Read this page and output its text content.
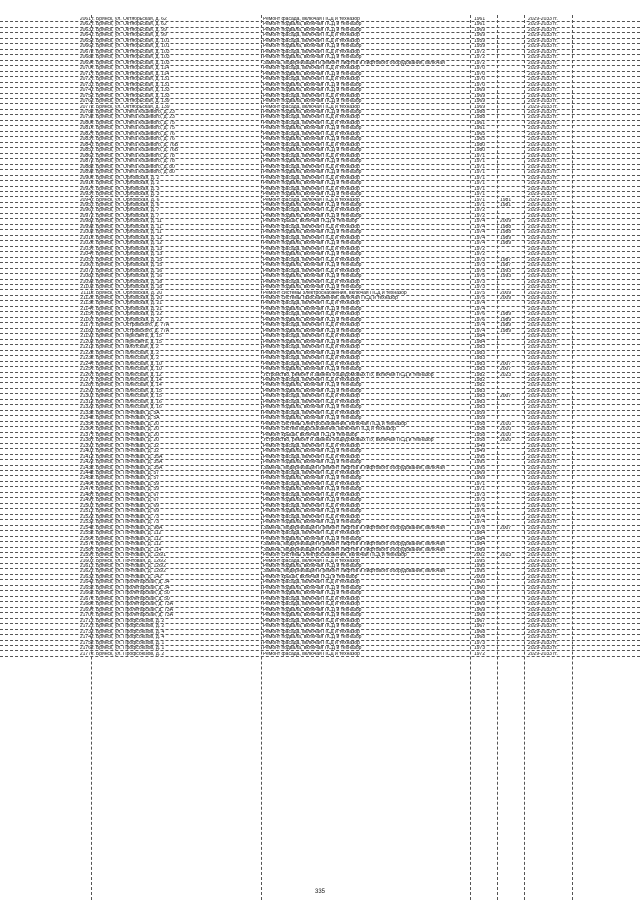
2061 г. Брянск, ул. Октябрьская, д. 62	Ремонт фасада, включая ПСД и техназор	1961	2029-2033 гг.
2062 г. Брянск, ул. Октябрьская, д. 62	Ремонт подвала, включая ПСД и техназор	1961	2029-2033 гг.
2063 г. Брянск, ул. Октябрьская, д. 99	Ремонт подвала, включая ПСД и техназор	1969	2029-2033 гг.
2064 г. Брянск, ул. Октябрьская, д. 99	Ремонт фасада, включая ПСД и техназор	1969	2029-2033 гг.
2065 г. Брянск, ул. Октябрьская, д. 101	Ремонт фасада, включая ПСД и техназор	1959	2029-2033 гг.
2066 г. Брянск, ул. Октябрьская, д. 101	Ремонт подвала, включая ПСД и техназор	1959	2029-2033 гг.
2067 г. Брянск, ул. Октябрьская, д. 103	Ремонт фасада, включая ПСД и техназор	1972	2029-2033 гг.
2068 г. Брянск, ул. Октябрьская, д. 103	Ремонт подвала, включая ПСД и техназор	1972	2029-2033 гг.
2069 г. Брянск, ул. Октябрьская, д. 103	Замена, модернизация и ремонт лифтов и лифтового оборудования, включая	1972	2029-2033 гг.
2070 г. Брянск, ул. Октябрьская, д. 114	Ремонт фасада, включая ПСД и техназор	1970	2029-2033 гг.
2071 г. Брянск, ул. Октябрьская, д. 114	Ремонт подвала, включая ПСД и техназор	1970	2029-2033 гг.
2072 г. Брянск, ул. Октябрьская, д. 131	Ремонт фасада, включая ПСД и техназор	1970	2029-2033 гг.
2073 г. Брянск, ул. Октябрьская, д. 131	Ремонт подвала, включая ПСД и техназор	1970	2029-2033 гг.
2074 г. Брянск, ул. Октябрьская, д. 133	Ремонт подвала, включая ПСД и техназор	1969	2029-2033 гг.
2075 г. Брянск, ул. Октябрьская, д. 133	Ремонт фасада, включая ПСД и техназор	1969	2029-2033 гг.
2076 г. Брянск, ул. Октябрьская, д. 139	Ремонт подвала, включая ПСД и техназор	1969	2029-2033 гг.
2077 г. Брянск, ул. Октябрьская, д. 139	Ремонт фасада, включая ПСД и техназор	1969	2029-2033 гг.
2078 г. Брянск, ул. Олега Кошевого, д. 23	Ремонт подвала, включая ПСД и техназор	1988	2029-2033 гг.
2079 г. Брянск, ул. Олега Кошевого, д. 23	Ремонт фасада, включая ПСД и техназор	1988	2029-2033 гг.
2080 г. Брянск, ул. Олега Кошевого, д. 75	Ремонт фасада, включая ПСД и техназор	1961	2029-2033 гг.
2081 г. Брянск, ул. Олега Кошевого, д. 75	Ремонт подвала, включая ПСД и техназор	1961	2029-2033 гг.
2082 г. Брянск, ул. Олега Кошевого, д. 76	Ремонт фасада, включая ПСД и техназор	1965	2029-2033 гг.
2083 г. Брянск, ул. Олега Кошевого, д. 76	Ремонт подвала, включая ПСД и техназор	1965	2029-2033 гг.
2084 г. Брянск, ул. Олега Кошевого, д. 76Б	Ремонт фасада, включая ПСД и техназор	1980	2029-2033 гг.
2085 г. Брянск, ул. Олега Кошевого, д. 76Б	Ремонт подвала, включая ПСД и техназор	1980	2029-2033 гг.
2086 г. Брянск, ул. Олега Кошевого, д. 78	Ремонт фасада, включая ПСД и техназор	1971	2029-2033 гг.
2087 г. Брянск, ул. Олега Кошевого, д. 78	Ремонт подвала, включая ПСД и техназор	1971	2029-2033 гг.
2088 г. Брянск, ул. Олега Кошевого, д. 80	Ремонт фасада, включая ПСД и техназор	1971	2029-2033 гг.
2089 г. Брянск, ул. Олега Кошевого, д. 80	Ремонт подвала, включая ПСД и техназор	1971	2029-2033 гг.
2090 г. Брянск, ул. Орловская, д. 2	Ремонт фасада, включая ПСД и техназор	1971	2029-2033 гг.
2091 г. Брянск, ул. Орловская, д. 2	Ремонт подвала, включая ПСД и техназор	1971	2029-2033 гг.
2092 г. Брянск, ул. Орловская, д. 3	Ремонт фасада, включая ПСД и техназор	1971	2029-2033 гг.
2093 г. Брянск, ул. Орловская, д. 3	Ремонт подвала, включая ПСД и техназор	1971	2029-2033 гг.
2094 г. Брянск, ул. Орловская, д. 6	Ремонт фасада, включая ПСД и техназор	1971	1981	2029-2033 гг.
2095 г. Брянск, ул. Орловская, д. 6	Ремонт подвала, включая ПСД и техназор	1971	1981	2029-2033 гг.
2096 г. Брянск, ул. Орловская, д. 7	Ремонт фасада, включая ПСД и техназор	1972	2029-2033 гг.
2097 г. Брянск, ул. Орловская, д. 7	Ремонт подвала, включая ПСД и техназор	1972	2029-2033 гг.
2098 г. Брянск, ул. Орловская, д. 11	Ремонт крыши, включая ПСД и техназор	1974	2009	2029-2033 гг.
2099 г. Брянск, ул. Орловская, д. 11	Ремонт фасада, включая ПСД и техназор	1974	1988	2029-2033 гг.
2100 г. Брянск, ул. Орловская, д. 11	Ремонт подвала, включая ПСД и техназор	1974	1988	2029-2033 гг.
2101 г. Брянск, ул. Орловская, д. 12	Ремонт фасада, включая ПСД и техназор	1974	1989	2029-2033 гг.
2102 г. Брянск, ул. Орловская, д. 12	Ремонт подвала, включая ПСД и техназор	1974	1989	2029-2033 гг.
2103 г. Брянск, ул. Орловская, д. 13	Ремонт фасада, включая ПСД и техназор	1972	2029-2033 гг.
2104 г. Брянск, ул. Орловская, д. 13	Ремонт подвала, включая ПСД и техназор	1972	2029-2033 гг.
2105 г. Брянск, ул. Орловская, д. 15	Ремонт фасада, включая ПСД и техназор	1973	1987	2029-2033 гг.
2106 г. Брянск, ул. Орловская, д. 15	Ремонт подвала, включая ПСД и техназор	1973	1987	2029-2033 гг.
2107 г. Брянск, ул. Орловская, д. 16	Ремонт фасада, включая ПСД и техназор	1975	1993	2029-2033 гг.
2108 г. Брянск, ул. Орловская, д. 16	Ремонт подвала, включая ПСД и техназор	1975	1993	2029-2033 гг.
2109 г. Брянск, ул. Орловская, д. 18	Ремонт фасада, включая ПСД и техназор	1973	2029-2033 гг.
2110 г. Брянск, ул. Орловская, д. 18	Ремонт подвала, включая ПСД и техназор	1973	2029-2033 гг.
2111 г. Брянск, ул. Орловская, д. 20	Ремонт системы электроснабжения, включая ПСД и техназор	1975	2009	2029-2033 гг.
2112 г. Брянск, ул. Орловская, д. 20	Ремонт системы газоснабжения, включая ПСД и техназор	1975	2009	2029-2033 гг.
2113 г. Брянск, ул. Орловская, д. 21	Ремонт фасада, включая ПСД и техназор	1974	2029-2033 гг.
2114 г. Брянск, ул. Орловская, д. 21	Ремонт подвала, включая ПСД и техназор	1974	2029-2033 гг.
2115 г. Брянск, ул. Орловская, д. 22	Ремонт фасада, включая ПСД и техназор	1976	1989	2029-2033 гг.
2116 г. Брянск, ул. Орловская, д. 22	Ремонт подвала, включая ПСД и техназор	1976	1989	2029-2033 гг.
2117 г. Брянск, ул. Островского, д. 77А	Ремонт фасада, включая ПСД и техназор	1974	1989	2029-2033 гг.
2118 г. Брянск, ул. Островского, д. 77А	Ремонт подвала, включая ПСД и техназор	1974	1989	2029-2033 гг.
2119 г. Брянск, ул. Пересвета, д. 15	Ремонт фасада, включая ПСД и техназор	1984	2029-2033 гг.
2120 г. Брянск, ул. Пересвета, д. 15	Ремонт подвала, включая ПСД и техназор	1984	2029-2033 гг.
2121 г. Брянск, ул. Пилотская, д. 2	Ремонт фасада, включая ПСД и техназор	1983	2029-2033 гг.
2122 г. Брянск, ул. Полесская, д. 2	Ремонт подвала, включая ПСД и техназор	1983	2029-2033 гг.
2123 г. Брянск, ул. Полесская, д. 2	Ремонт фасада, включая ПСД и техназор	1983	2029-2033 гг.
2124 г. Брянск, ул. Полесская, д. 10	Ремонт фасада, включая ПСД и техназор	1983	2007	2029-2033 гг.
2125 г. Брянск, ул. Полесская, д. 10	Ремонт подвала, включая ПСД и техназор	1983	2007	2029-2033 гг.
2126 г. Брянск, ул. Полесская, д. 12	Устройство, ремонт и замена общедомовых ПУ, включая ПСД и техназор	1982	2023	2029-2033 гг.
2127 г. Брянск, ул. Полесская, д. 14	Ремонт фасада, включая ПСД и техназор	1982	2029-2033 гг.
2128 г. Брянск, ул. Полесская, д. 14	Ремонт подвала, включая ПСД и техназор	1982	2029-2033 гг.
2129 г. Брянск, ул. Полесская, д. 15	Ремонт подвала, включая ПСД и техназор	1983	2029-2033 гг.
2130 г. Брянск, ул. Полесская, д. 15	Ремонт фасада, включая ПСД и техназор	1983	2007	2029-2033 гг.
2131 г. Брянск, ул. Полесская, д. 16	Ремонт фасада, включая ПСД и техназор	1983	2029-2033 гг.
2132 г. Брянск, ул. Полесская, д. 16	Ремонт подвала, включая ПСД и техназор	1983	2029-2033 гг.
2133 г. Брянск, ул. Почтовая, д. 5А	Ремонт фасада, включая ПСД и техназор	1959	2029-2033 гг.
2134 г. Брянск, ул. Почтовая, д. 5А	Ремонт подвала, включая ПСД и техназор	1959	2029-2033 гг.
2135 г. Брянск, ул. Почтовая, д. 20	Ремонт системы электроснабжения, включая ПСД и техназор	1958	2010	2029-2033 гг.
2136 г. Брянск, ул. Почтовая, д. 20	Ремонт систем водоснабжения, включая ПСД и техназор	1958	2010	2029-2033 гг.
2137 г. Брянск, ул. Почтовая, д. 20	Ремонт крыши, включая ПСД и техназор	1958	2010	2029-2033 гг.
2138 г. Брянск, ул. Почтовая, д. 20	Устройство, ремонт и замена общедомовых ПУ, включая ПСД и техназор	1958	2020	2029-2033 гг.
2139 г. Брянск, ул. Почтовая, д. 32	Ремонт фасада, включая ПСД и техназор	1949	2029-2033 гг.
2140 г. Брянск, ул. Почтовая, д. 32	Ремонт подвала, включая ПСД и техназор	1949	2029-2033 гг.
2141 г. Брянск, ул. Почтовая, д. 35А	Ремонт фасада, включая ПСД и техназор	1995	2029-2033 гг.
2142 г. Брянск, ул. Почтовая, д. 35А	Ремонт подвала, включая ПСД и техназор	1995	2029-2033 гг.
2143 г. Брянск, ул. Почтовая, д. 35А	Замена, модернизация и ремонт лифтов и лифтового оборудования, включая	1995	2029-2033 гг.
2144 г. Брянск, ул. Почтовая, д. 57	Ремонт фасада, включая ПСД и техназор	1969	2029-2033 гг.
2145 г. Брянск, ул. Почтовая, д. 57	Ремонт подвала, включая ПСД и техназор	1969	2029-2033 гг.
2146 г. Брянск, ул. Почтовая, д. 59	Ремонт фасада, включая ПСД и техназор	1971	2029-2033 гг.
2147 г. Брянск, ул. Почтовая, д. 59	Ремонт подвала, включая ПСД и техназор	1971	2029-2033 гг.
2148 г. Брянск, ул. Почтовая, д. 67	Ремонт фасада, включая ПСД и техназор	1973	2029-2033 гг.
2149 г. Брянск, ул. Почтовая, д. 67	Ремонт подвала, включая ПСД и техназор	1973	2029-2033 гг.
2150 г. Брянск, ул. Почтовая, д. 69	Ремонт фасада, включая ПСД и техназор	1976	2029-2033 гг.
2151 г. Брянск, ул. Почтовая, д. 69	Ремонт подвала, включая ПСД и техназор	1976	2029-2033 гг.
2152 г. Брянск, ул. Почтовая, д. 73	Ремонт фасада, включая ПСД и техназор	1974	2029-2033 гг.
2153 г. Брянск, ул. Почтовая, д. 73	Ремонт подвала, включая ПСД и техназор	1974	2029-2033 гг.
2154 г. Брянск, ул. Почтовая, д. 98А	Замена, модернизация и ремонт лифтов и лифтового оборудования, включая	1978	2007	2029-2033 гг.
2155 г. Брянск, ул. Почтовая, д. 112	Ремонт фасада, включая ПСД и техназор	1984	2029-2033 гг.
2156 г. Брянск, ул. Почтовая, д. 112	Ремонт подвала, включая ПСД и техназор	1984	2029-2033 гг.
2157 г. Брянск, ул. Почтовая, д. 112	Замена, модернизация и ремонт лифтов и лифтового оборудования, включая	1984	2029-2033 гг.
2158 г. Брянск, ул. Почтовая, д. 114	Замена, модернизация и ремонт лифтов и лифтового оборудования, включая	1989	2029-2033 гг.
2159 г. Брянск, ул. Почтовая, д. 126/1	Ремонт системы электроснабжения, включая ПСД и техназор	2002	2013	2029-2033 гг.
2160 г. Брянск, ул. Почтовая, д. 126/2	Ремонт фасада, включая ПСД и техназор	1995	2029-2033 гг.
2161 г. Брянск, ул. Почтовая, д. 126/2	Ремонт подвала, включая ПСД и техназор	1995	2029-2033 гг.
2162 г. Брянск, ул. Почтовая, д. 126/2	Замена, модернизация и ремонт лифтов и лифтового оборудования, включая	1995	2029-2033 гг.
2163 г. Брянск, ул. Почтовая, д. 142	Ремонт крыши, включая ПСД и техназор	2009	2029-2033 гг.
2164 г. Брянск, ул. Пролетарская, д. 34	Ремонт фасада, включая ПСД и техназор	1960	2029-2033 гг.
2165 г. Брянск, ул. Пролетарская, д. 34	Ремонт подвала, включая ПСД и техназор	1960	2029-2033 гг.
2166 г. Брянск, ул. Пролетарская, д. 50	Ремонт подвала, включая ПСД и техназор	1968	2029-2033 гг.
2167 г. Брянск, ул. Пролетарская, д. 50	Ремонт фасада, включая ПСД и техназор	1968	2029-2033 гг.
2168 г. Брянск, ул. Пролетарская, д. 73А	Ремонт фасада, включая ПСД и техназор	1969	2029-2033 гг.
2169 г. Брянск, ул. Пролетарская, д. 73А	Ремонт подвала, включая ПСД и техназор	1969	2029-2033 гг.
2170 г. Брянск, ул. Пролетарская, д. 73А	Ремонт подвала, включая ПСД и техназор	1969	2029-2033 гг.
2171 г. Брянск, ул. Профсоюзов, д. 2	Ремонт фасада, включая ПСД и техназор	1967	2029-2033 гг.
2172 г. Брянск, ул. Профсоюзов, д. 2	Ремонт подвала, включая ПСД и техназор	1967	2029-2033 гг.
2173 г. Брянск, ул. Профсоюзов, д. 4	Ремонт фасада, включая ПСД и техназор	1968	2029-2033 гг.
2174 г. Брянск, ул. Профсоюзов, д. 4	Ремонт подвала, включая ПСД и техназор	1968	2029-2033 гг.
2175 г. Брянск, ул. Профсоюзов, д. 1	Ремонт фасада, включая ПСД и техназор	1973	2029-2033 гг.
2176 г. Брянск, ул. Профсоюзов, д. 1	Ремонт подвала, включая ПСД и техназор	1973	2029-2033 гг.
2177 г. Брянск, ул. Профсоюзов, д. 2	Ремонт фасада, включая ПСД и техназор	1972	2029-2033 гг.
335
